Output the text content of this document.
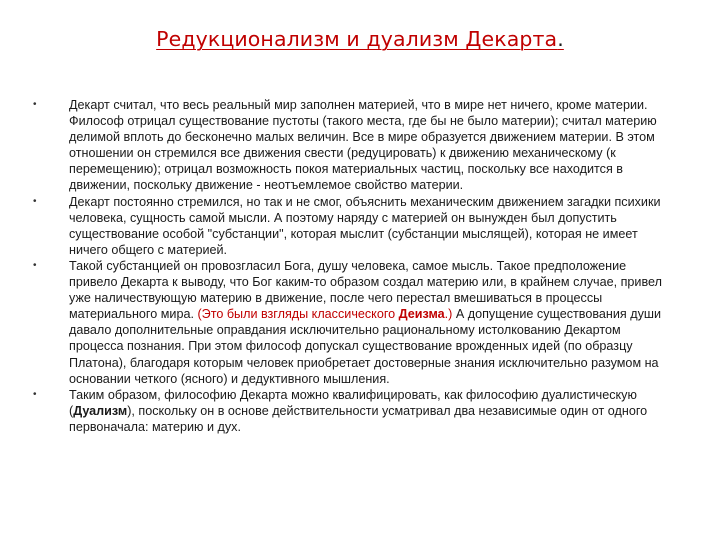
Редукционализм и дуализм Декарта.
•	Декарт считал, что весь реальный мир заполнен материей, что в мире нет ничего, кроме материи. Философ отрицал существование пустоты (такого места, где бы не было материи); считал материю делимой вплоть до бесконечно малых величин. Все в мире образуется движением материи. В этом отношении он стремился все движения свести (редуцировать) к движению механическому (к перемещению); отрицал возможность покоя материальных частиц, поскольку все находится в движении, поскольку движение - неотъемлемое свойство материи.
•	Декарт постоянно стремился, но так и не смог, объяснить механическим движением загадки психики человека, сущность самой мысли. А поэтому наряду с материей он вынужден был допустить существование особой "субстанции", которая мыслит (субстанции мыслящей), которая не имеет ничего общего с материей.
•	Такой субстанцией он провозгласил Бога, душу человека, самое мысль. Такое предположение привело Декарта к выводу, что Бог каким-то образом создал материю или, в крайнем случае, привел уже наличествующую материю в движение, после чего перестал вмешиваться в процессы материального мира. (Это были взгляды классического Деизма.) А допущение существования души давало дополнительные оправдания исключительно рациональному истолкованию Декартом процесса познания. При этом философ допускал существование врожденных идей (по образцу Платона), благодаря которым человек приобретает достоверные знания исключительно разумом на основании четкого (ясного) и дедуктивного мышления.
•	Таким образом, философию Декарта можно квалифицировать, как философию дуалистическую (Дуализм), поскольку он в основе действительности усматривал два независимые один от одного первоначала: материю и дух.
